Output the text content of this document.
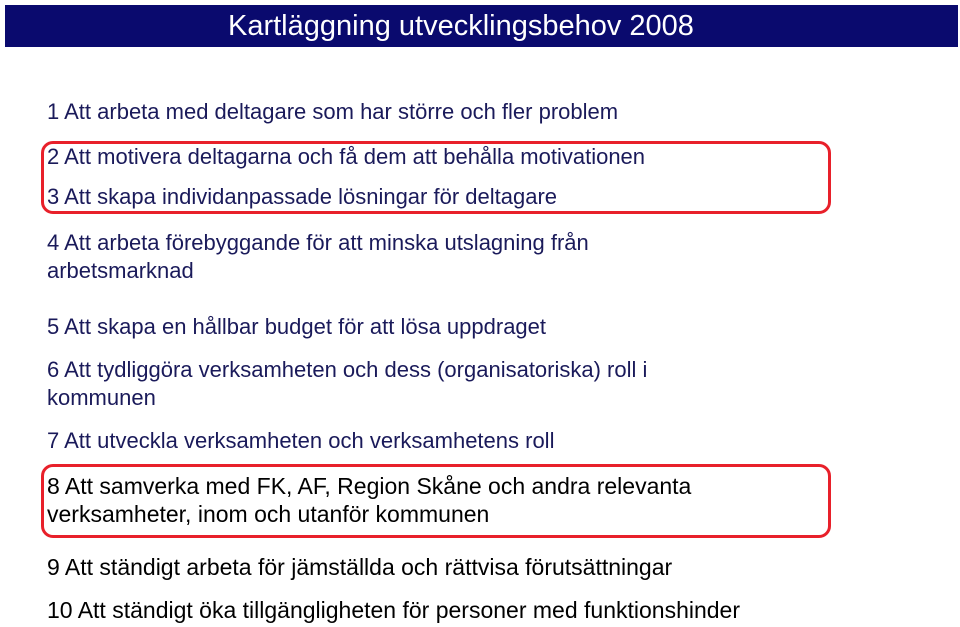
Kartläggning utvecklingsbehov 2008
1 Att arbeta med deltagare som har större och fler problem
2 Att motivera deltagarna och få dem att behålla motivationen
3 Att skapa individanpassade lösningar för deltagare
4 Att arbeta förebyggande för att minska utslagning från
arbetsmarknad
5 Att skapa en hållbar budget för att lösa uppdraget
6 Att tydliggöra verksamheten och dess (organisatoriska) roll i
kommunen
7 Att utveckla verksamheten och verksamhetens roll
8 Att samverka med FK, AF, Region Skåne och andra relevanta
verksamheter, inom och utanför kommunen
9 Att ständigt arbeta för jämställda och rättvisa förutsättningar
10 Att ständigt öka tillgängligheten för personer med funktionshinder
